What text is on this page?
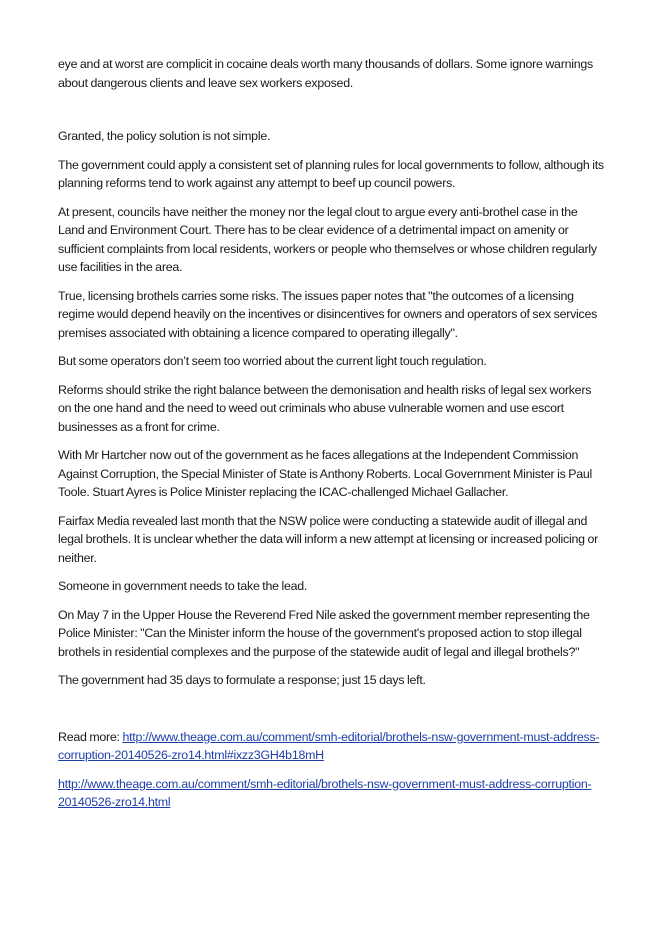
eye and at worst are complicit in cocaine deals worth many thousands of dollars. Some ignore warnings about dangerous clients and leave sex workers exposed.

Granted, the policy solution is not simple.

The government could apply a consistent set of planning rules for local governments to follow, although its planning reforms tend to work against any attempt to beef up council powers.

At present, councils have neither the money nor the legal clout to argue every anti-brothel case in the Land and Environment Court. There has to be clear evidence of a detrimental impact on amenity or sufficient complaints from local residents, workers or people who themselves or whose children regularly use facilities in the area.

True, licensing brothels carries some risks. The issues paper notes that "the outcomes of a licensing regime would depend heavily on the incentives or disincentives for owners and operators of sex services premises associated with obtaining a licence compared to operating illegally".

But some operators don’t seem too worried about the current light touch regulation.

Reforms should strike the right balance between the demonisation and health risks of legal sex workers on the one hand and the need to weed out criminals who abuse vulnerable women and use escort businesses as a front for crime.

With Mr Hartcher now out of the government as he faces allegations at the Independent Commission Against Corruption, the Special Minister of State is Anthony Roberts. Local Government Minister is Paul Toole. Stuart Ayres is Police Minister replacing the ICAC-challenged Michael Gallacher.

Fairfax Media revealed last month that the NSW police were conducting a statewide audit of illegal and legal brothels. It is unclear whether the data will inform a new attempt at licensing or increased policing or neither.

Someone in government needs to take the lead.

On May 7 in the Upper House the Reverend Fred Nile asked the government member representing the Police Minister: "Can the Minister inform the house of the government's proposed action to stop illegal brothels in residential complexes and the purpose of the statewide audit of legal and illegal brothels?"

The government had 35 days to formulate a response; just 15 days left.

Read more: http://www.theage.com.au/comment/smh-editorial/brothels-nsw-government-must-address-corruption-20140526-zro14.html#ixzz3GH4b18mH

http://www.theage.com.au/comment/smh-editorial/brothels-nsw-government-must-address-corruption-20140526-zro14.html
